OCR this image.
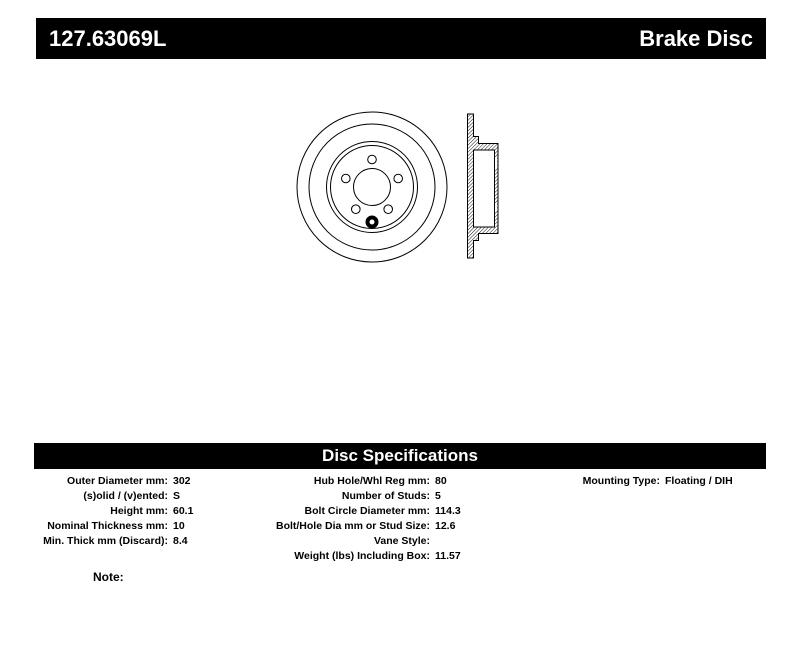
127.63069L	Brake Disc
Disc Specifications
Outer Diameter mm: 302
(s)olid / (v)ented: S
Height mm: 60.1
Nominal Thickness mm: 10
Min. Thick mm (Discard): 8.4
Hub Hole/Whl Reg mm: 80
Number of Studs: 5
Bolt Circle Diameter mm: 114.3
Bolt/Hole Dia mm or Stud Size: 12.6
Vane Style:
Weight (lbs) Including Box: 11.57
Mounting Type: Floating / DIH
Note:
